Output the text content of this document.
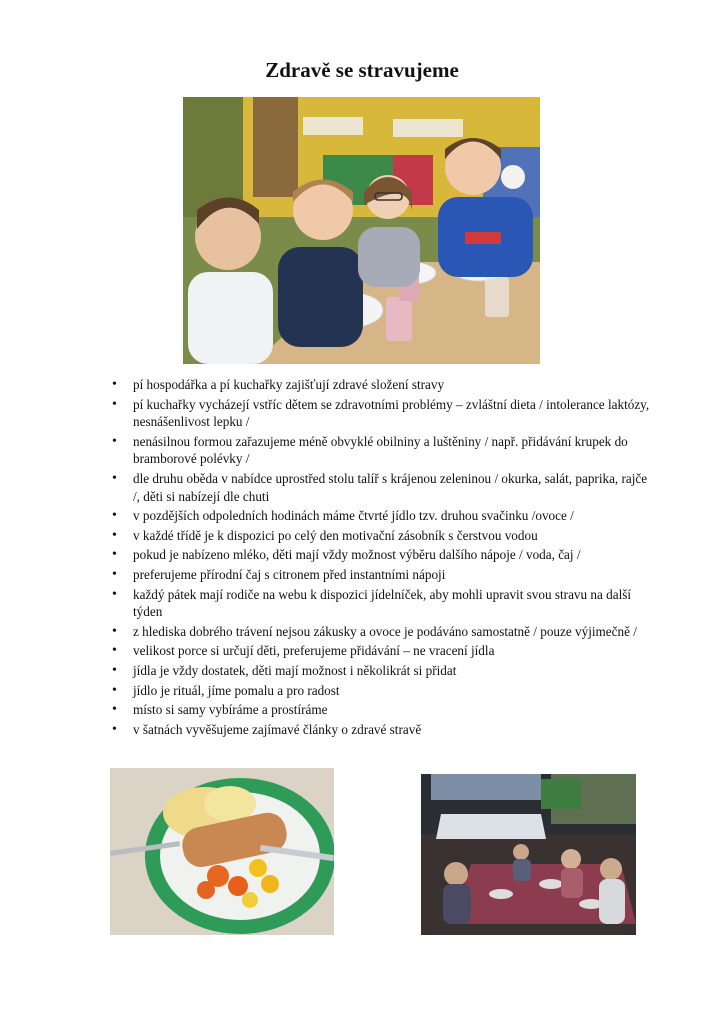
Zdravě se stravujeme
• pí hospodářka a pí kuchařky zajišťují zdravé složení stravy
• pí kuchařky vycházejí vstříc dětem se zdravotními problémy – zvláštní dieta / intolerance laktózy, nesnášenlivost lepku /
• nenásilnou formou zařazujeme méně obvyklé obilniny a luštěniny / např. přidávání krupek do bramborové polévky /
• dle druhu oběda v nabídce uprostřed stolu talíř s krájenou zeleninou / okurka, salát, paprika, rajče /, děti si nabízejí dle chuti
• v pozdějších odpoledních hodinách máme čtvrté jídlo tzv. druhou svačinku /ovoce /
• v každé třídě je k dispozici po celý den motivační zásobník s čerstvou vodou
• pokud je nabízeno mléko, děti mají vždy možnost výběru dalšího nápoje / voda, čaj /
• preferujeme přírodní čaj s citronem před instantními nápoji
• každý pátek mají rodiče na webu k dispozici jídelníček, aby mohli upravit svou stravu na další týden
• z hlediska dobrého trávení nejsou zákusky a ovoce je podáváno samostatně / pouze výjimečně /
• velikost porce si určují děti, preferujeme přidávání – ne vracení jídla
• jídla je vždy dostatek, děti mají možnost i několikrát si přidat
• jídlo je rituál, jíme pomalu a pro radost
• místo si samy vybíráme a prostíráme
• v šatnách vyvěšujeme zajímavé články o zdravé stravě
